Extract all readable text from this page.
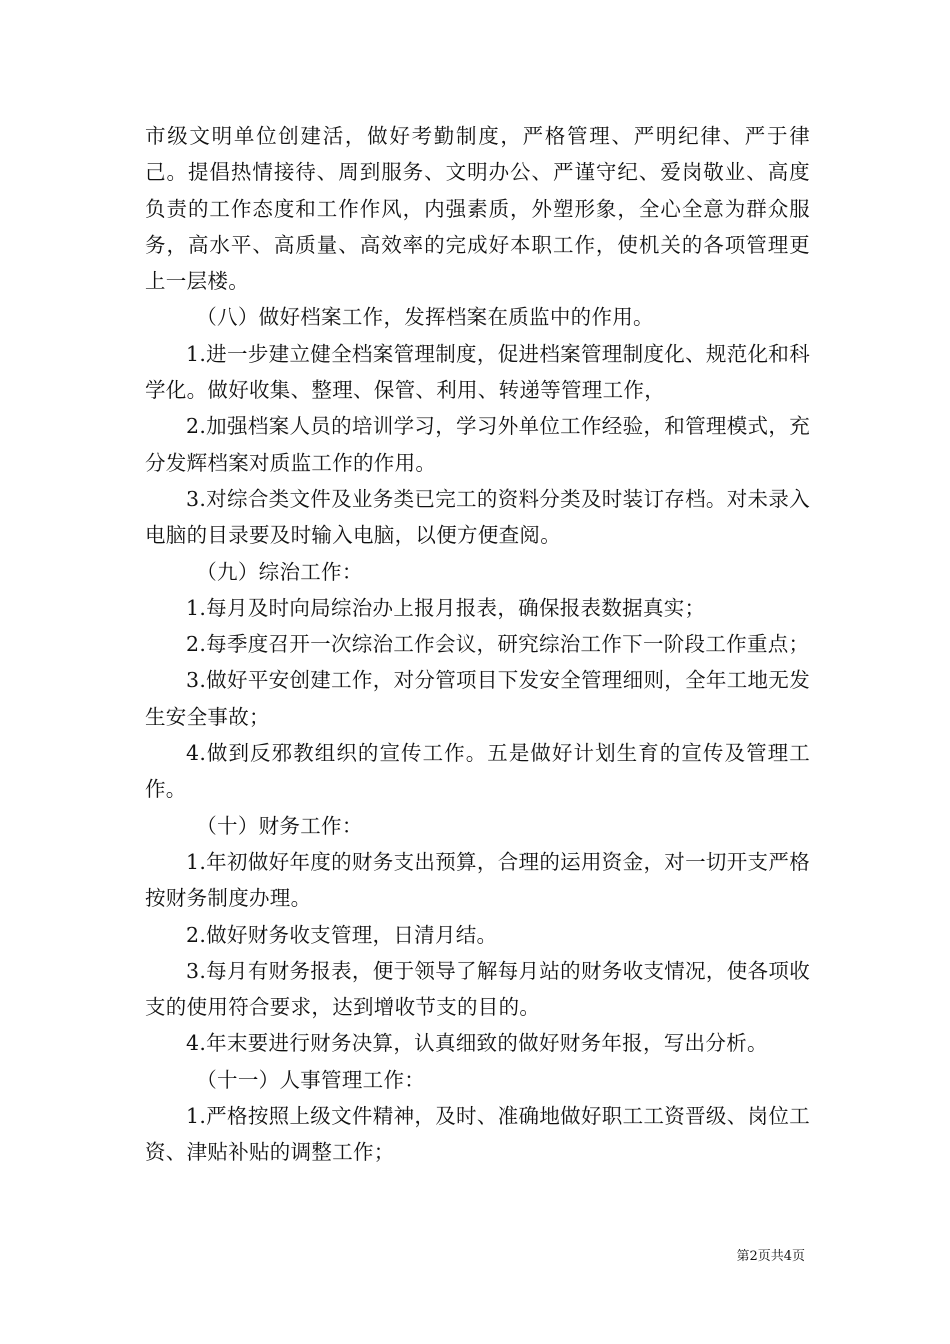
市级文明单位创建活，做好考勤制度，严格管理、严明纪律、严于律己。提倡热情接待、周到服务、文明办公、严谨守纪、爱岗敬业、高度负责的工作态度和工作作风，内强素质，外塑形象，全心全意为群众服务，高水平、高质量、高效率的完成好本职工作，使机关的各项管理更上一层楼。

（八）做好档案工作，发挥档案在质监中的作用。

1.进一步建立健全档案管理制度，促进档案管理制度化、规范化和科学化。做好收集、整理、保管、利用、转递等管理工作，

2.加强档案人员的培训学习，学习外单位工作经验，和管理模式，充分发辉档案对质监工作的作用。

3.对综合类文件及业务类已完工的资料分类及时装订存档。对未录入电脑的目录要及时输入电脑，以便方便查阅。

（九）综治工作：

1.每月及时向局综治办上报月报表，确保报表数据真实；

2.每季度召开一次综治工作会议，研究综治工作下一阶段工作重点；

3.做好平安创建工作，对分管项目下发安全管理细则，全年工地无发生安全事故；

4.做到反邪教组织的宣传工作。五是做好计划生育的宣传及管理工作。

（十）财务工作：

1.年初做好年度的财务支出预算，合理的运用资金，对一切开支严格按财务制度办理。

2.做好财务收支管理，日清月结。

3.每月有财务报表，便于领导了解每月站的财务收支情况，使各项收支的使用符合要求，达到增收节支的目的。

4.年末要进行财务决算，认真细致的做好财务年报，写出分析。

（十一）人事管理工作：

1.严格按照上级文件精神，及时、准确地做好职工工资晋级、岗位工资、津贴补贴的调整工作；

第2页共4页
